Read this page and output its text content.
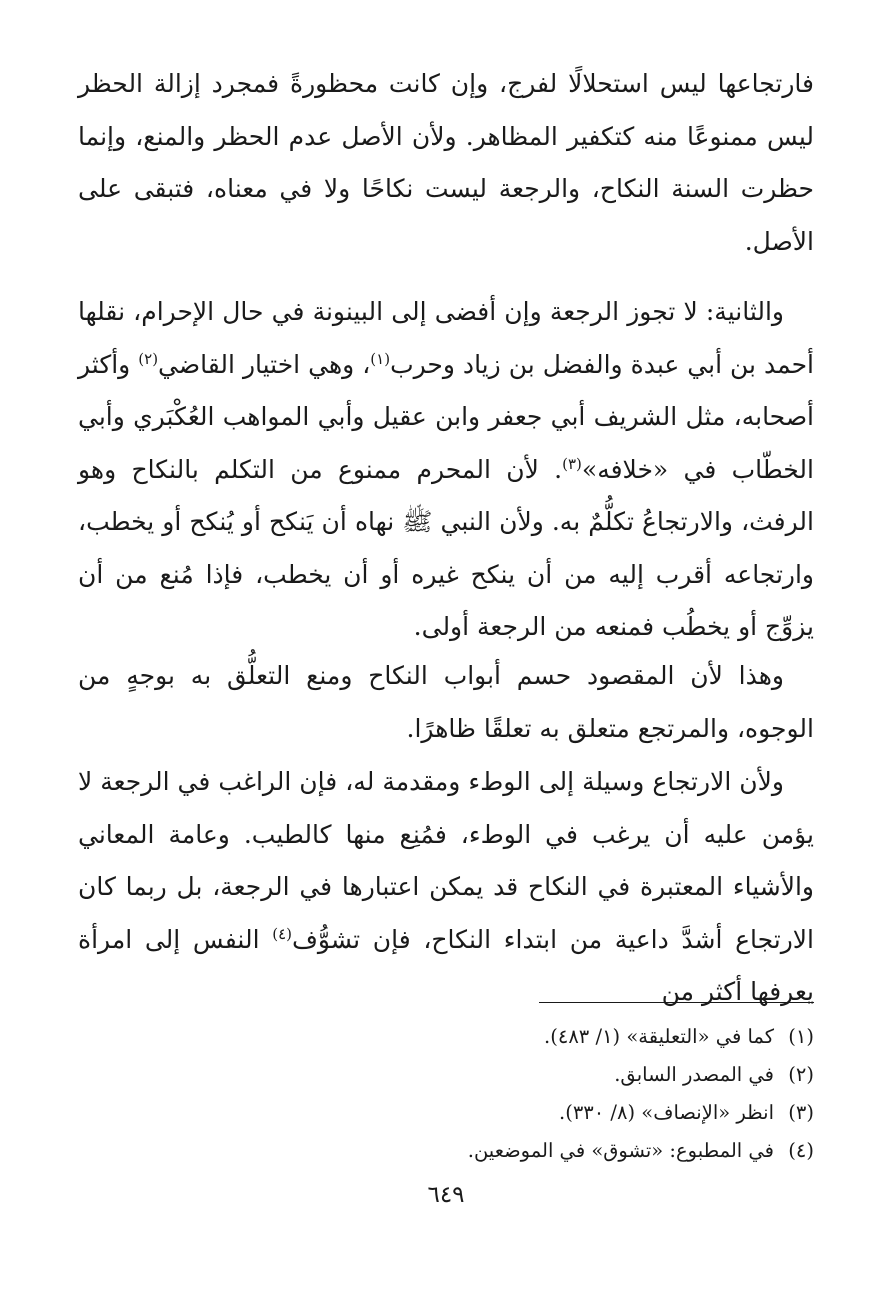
فارتجاعها ليس استحلالًا لفرج، وإن كانت محظورةً فمجرد إزالة الحظر ليس ممنوعًا منه كتكفير المظاهر. ولأن الأصل عدم الحظر والمنع، وإنما حظرت السنة النكاح، والرجعة ليست نكاحًا ولا في معناه، فتبقى على الأصل.

والثانية: لا تجوز الرجعة وإن أفضى إلى البينونة في حال الإحرام، نقلها أحمد بن أبي عبدة والفضل بن زياد وحرب$^{(١)}$، وهي اختيار القاضي$^{(٢)}$ وأكثر أصحابه، مثل الشريف أبي جعفر وابن عقيل وأبي المواهب العُكْبَري وأبي الخطّاب في «خلافه»$^{(٣)}$. لأن المحرم ممنوع من التكلم بالنكاح وهو الرفث، والارتجاعُ تكلُّمٌ به. ولأن النبي ﷺ نهاه أن يَنكح أو يُنكح أو يخطب، وارتجاعه أقرب إليه من أن ينكح غيره أو أن يخطب، فإذا مُنع من أن يزوِّج أو يخطُب فمنعه من الرجعة أولى.

وهذا لأن المقصود حسم أبواب النكاح ومنع التعلُّق به بوجهٍ من الوجوه، والمرتجع متعلق به تعلقًا ظاهرًا.

ولأن الارتجاع وسيلة إلى الوطء ومقدمة له، فإن الراغب في الرجعة لا يؤمن عليه أن يرغب في الوطء، فمُنِع منها كالطيب. وعامة المعاني والأشياء المعتبرة في النكاح قد يمكن اعتبارها في الرجعة، بل ربما كان الارتجاع أشدَّ داعية من ابتداء النكاح، فإن تشوُّف$^{(٤)}$ النفس إلى امرأة يعرفها أكثر من

(١)كما في «التعليقة» (١/ ٤٨٣).
(٢)في المصدر السابق.
(٣)انظر «الإنصاف» (٨/ ٣٣٠).
(٤)في المطبوع: «تشوق» في الموضعين.
٦٤٩
